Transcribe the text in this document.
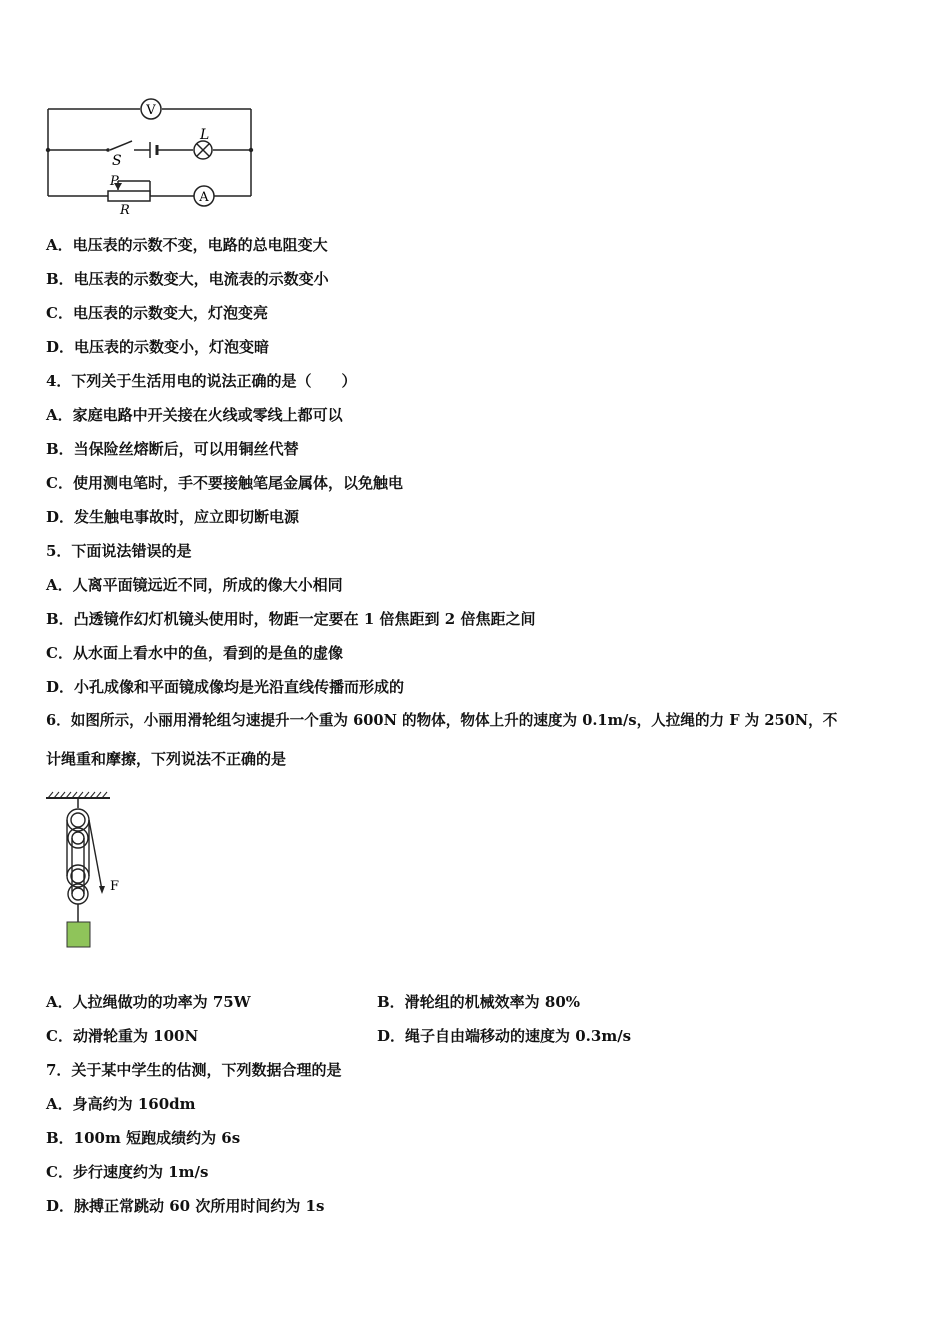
V
L
S
P
R
A
A．电压表的示数不变，电路的总电阻变大
B．电压表的示数变大，电流表的示数变小
C．电压表的示数变大，灯泡变亮
D．电压表的示数变小，灯泡变暗
4．下列关于生活用电的说法正确的是（　　）
A．家庭电路中开关接在火线或零线上都可以
B．当保险丝熔断后，可以用铜丝代替
C．使用测电笔时，手不要接触笔尾金属体，以免触电
D．发生触电事故时，应立即切断电源
5．下面说法错误的是
A．人离平面镜远近不同，所成的像大小相同
B．凸透镜作幻灯机镜头使用时，物距一定要在 1 倍焦距到 2 倍焦距之间
C．从水面上看水中的鱼，看到的是鱼的虚像
D．小孔成像和平面镜成像均是光沿直线传播而形成的
6．如图所示，小丽用滑轮组匀速提升一个重为 600N 的物体，物体上升的速度为 0.1m/s，人拉绳的力 F 为 250N，不
计绳重和摩擦，下列说法不正确的是
F
A．人拉绳做功的功率为 75W	B．滑轮组的机械效率为 80%
C．动滑轮重为 100N	D．绳子自由端移动的速度为 0.3m/s
7．关于某中学生的估测，下列数据合理的是
A．身高约为 160dm
B．100m 短跑成绩约为 6s
C．步行速度约为 1m/s
D．脉搏正常跳动 60 次所用时间约为 1s
